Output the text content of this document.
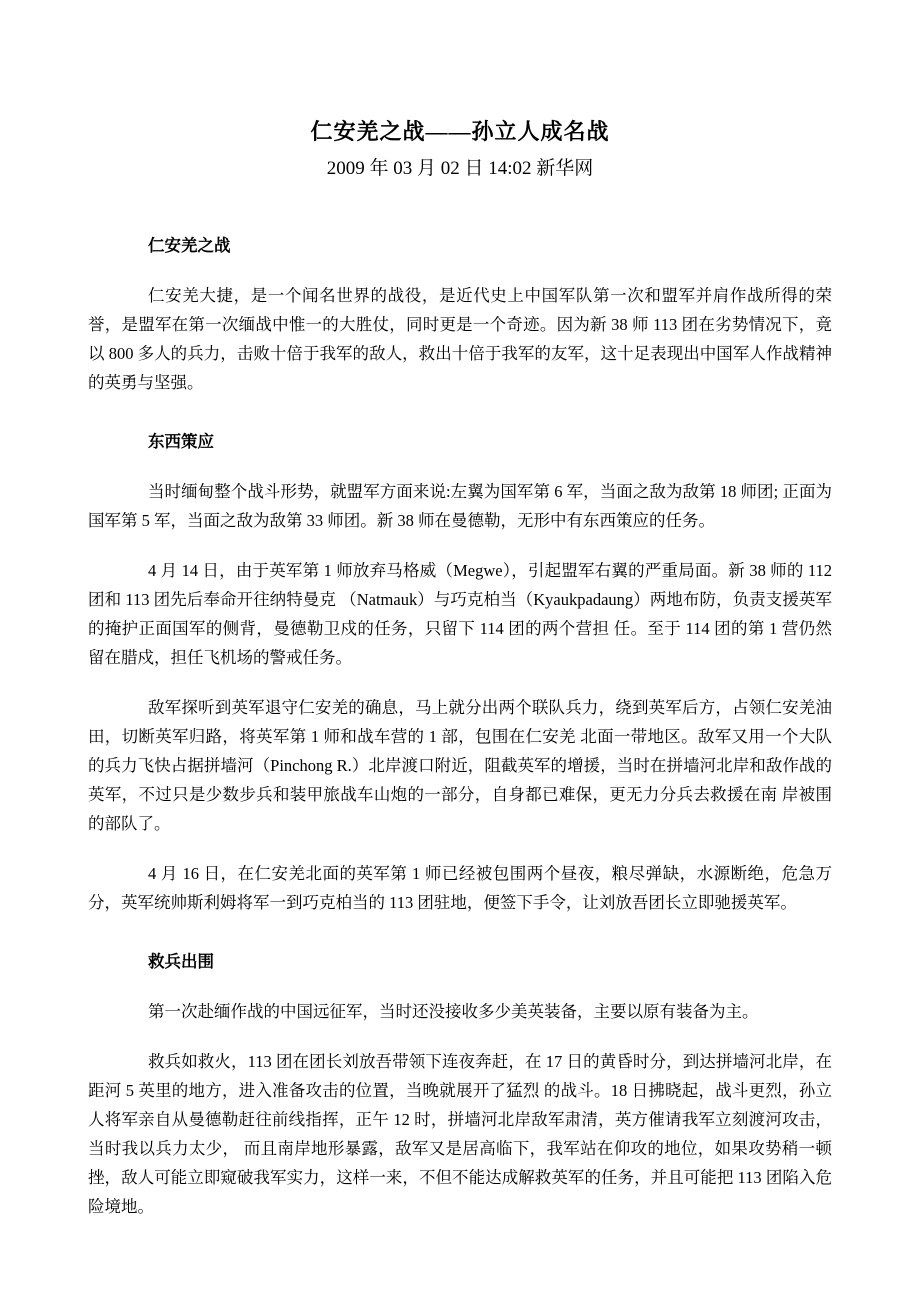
仁安羌之战——孙立人成名战
2009 年 03 月 02 日 14:02 新华网
仁安羌之战

仁安羌大捷，是一个闻名世界的战役，是近代史上中国军队第一次和盟军并肩作战所得的荣誉，是盟军在第一次缅战中惟一的大胜仗，同时更是一个奇迹。因为新 38 师 113 团在劣势情况下，竟以 800 多人的兵力，击败十倍于我军的敌人，救出十倍于我军的友军，这十足表现出中国军人作战精神的英勇与坚强。

东西策应

当时缅甸整个战斗形势，就盟军方面来说:左翼为国军第 6 军，当面之敌为敌第 18 师团; 正面为国军第 5 军，当面之敌为敌第 33 师团。新 38 师在曼德勒，无形中有东西策应的任务。

4 月 14 日，由于英军第 1 师放弃马格威（Megwe），引起盟军右翼的严重局面。新 38 师的 112 团和 113 团先后奉命开往纳特曼克 （Natmauk）与巧克柏当（Kyaukpadaung）两地布防，负责支援英军的掩护正面国军的侧背，曼德勒卫戍的任务，只留下 114 团的两个营担 任。至于 114 团的第 1 营仍然留在腊戍，担任飞机场的警戒任务。

敌军探听到英军退守仁安羌的确息，马上就分出两个联队兵力，绕到英军后方，占领仁安羌油田，切断英军归路，将英军第 1 师和战车营的 1 部，包围在仁安羌 北面一带地区。敌军又用一个大队的兵力飞快占据拼墙河（Pinchong R.）北岸渡口附近，阻截英军的增援，当时在拼墙河北岸和敌作战的英军，不过只是少数步兵和装甲旅战车山炮的一部分，自身都已难保，更无力分兵去救援在南 岸被围的部队了。

4 月 16 日，在仁安羌北面的英军第 1 师已经被包围两个昼夜，粮尽弹缺，水源断绝，危急万分，英军统帅斯利姆将军一到巧克柏当的 113 团驻地，便签下手令，让刘放吾团长立即驰援英军。

救兵出围

第一次赴缅作战的中国远征军，当时还没接收多少美英装备，主要以原有装备为主。

救兵如救火，113 团在团长刘放吾带领下连夜奔赶，在 17 日的黄昏时分，到达拼墙河北岸，在距河 5 英里的地方，进入准备攻击的位置，当晚就展开了猛烈 的战斗。18 日拂晓起，战斗更烈，孙立人将军亲自从曼德勒赶往前线指挥，正午 12 时，拼墙河北岸敌军肃清，英方催请我军立刻渡河攻击，当时我以兵力太少， 而且南岸地形暴露，敌军又是居高临下，我军站在仰攻的地位，如果攻势稍一顿挫，敌人可能立即窥破我军实力，这样一来，不但不能达成解救英军的任务，并且可能把 113 团陷入危险境地。
